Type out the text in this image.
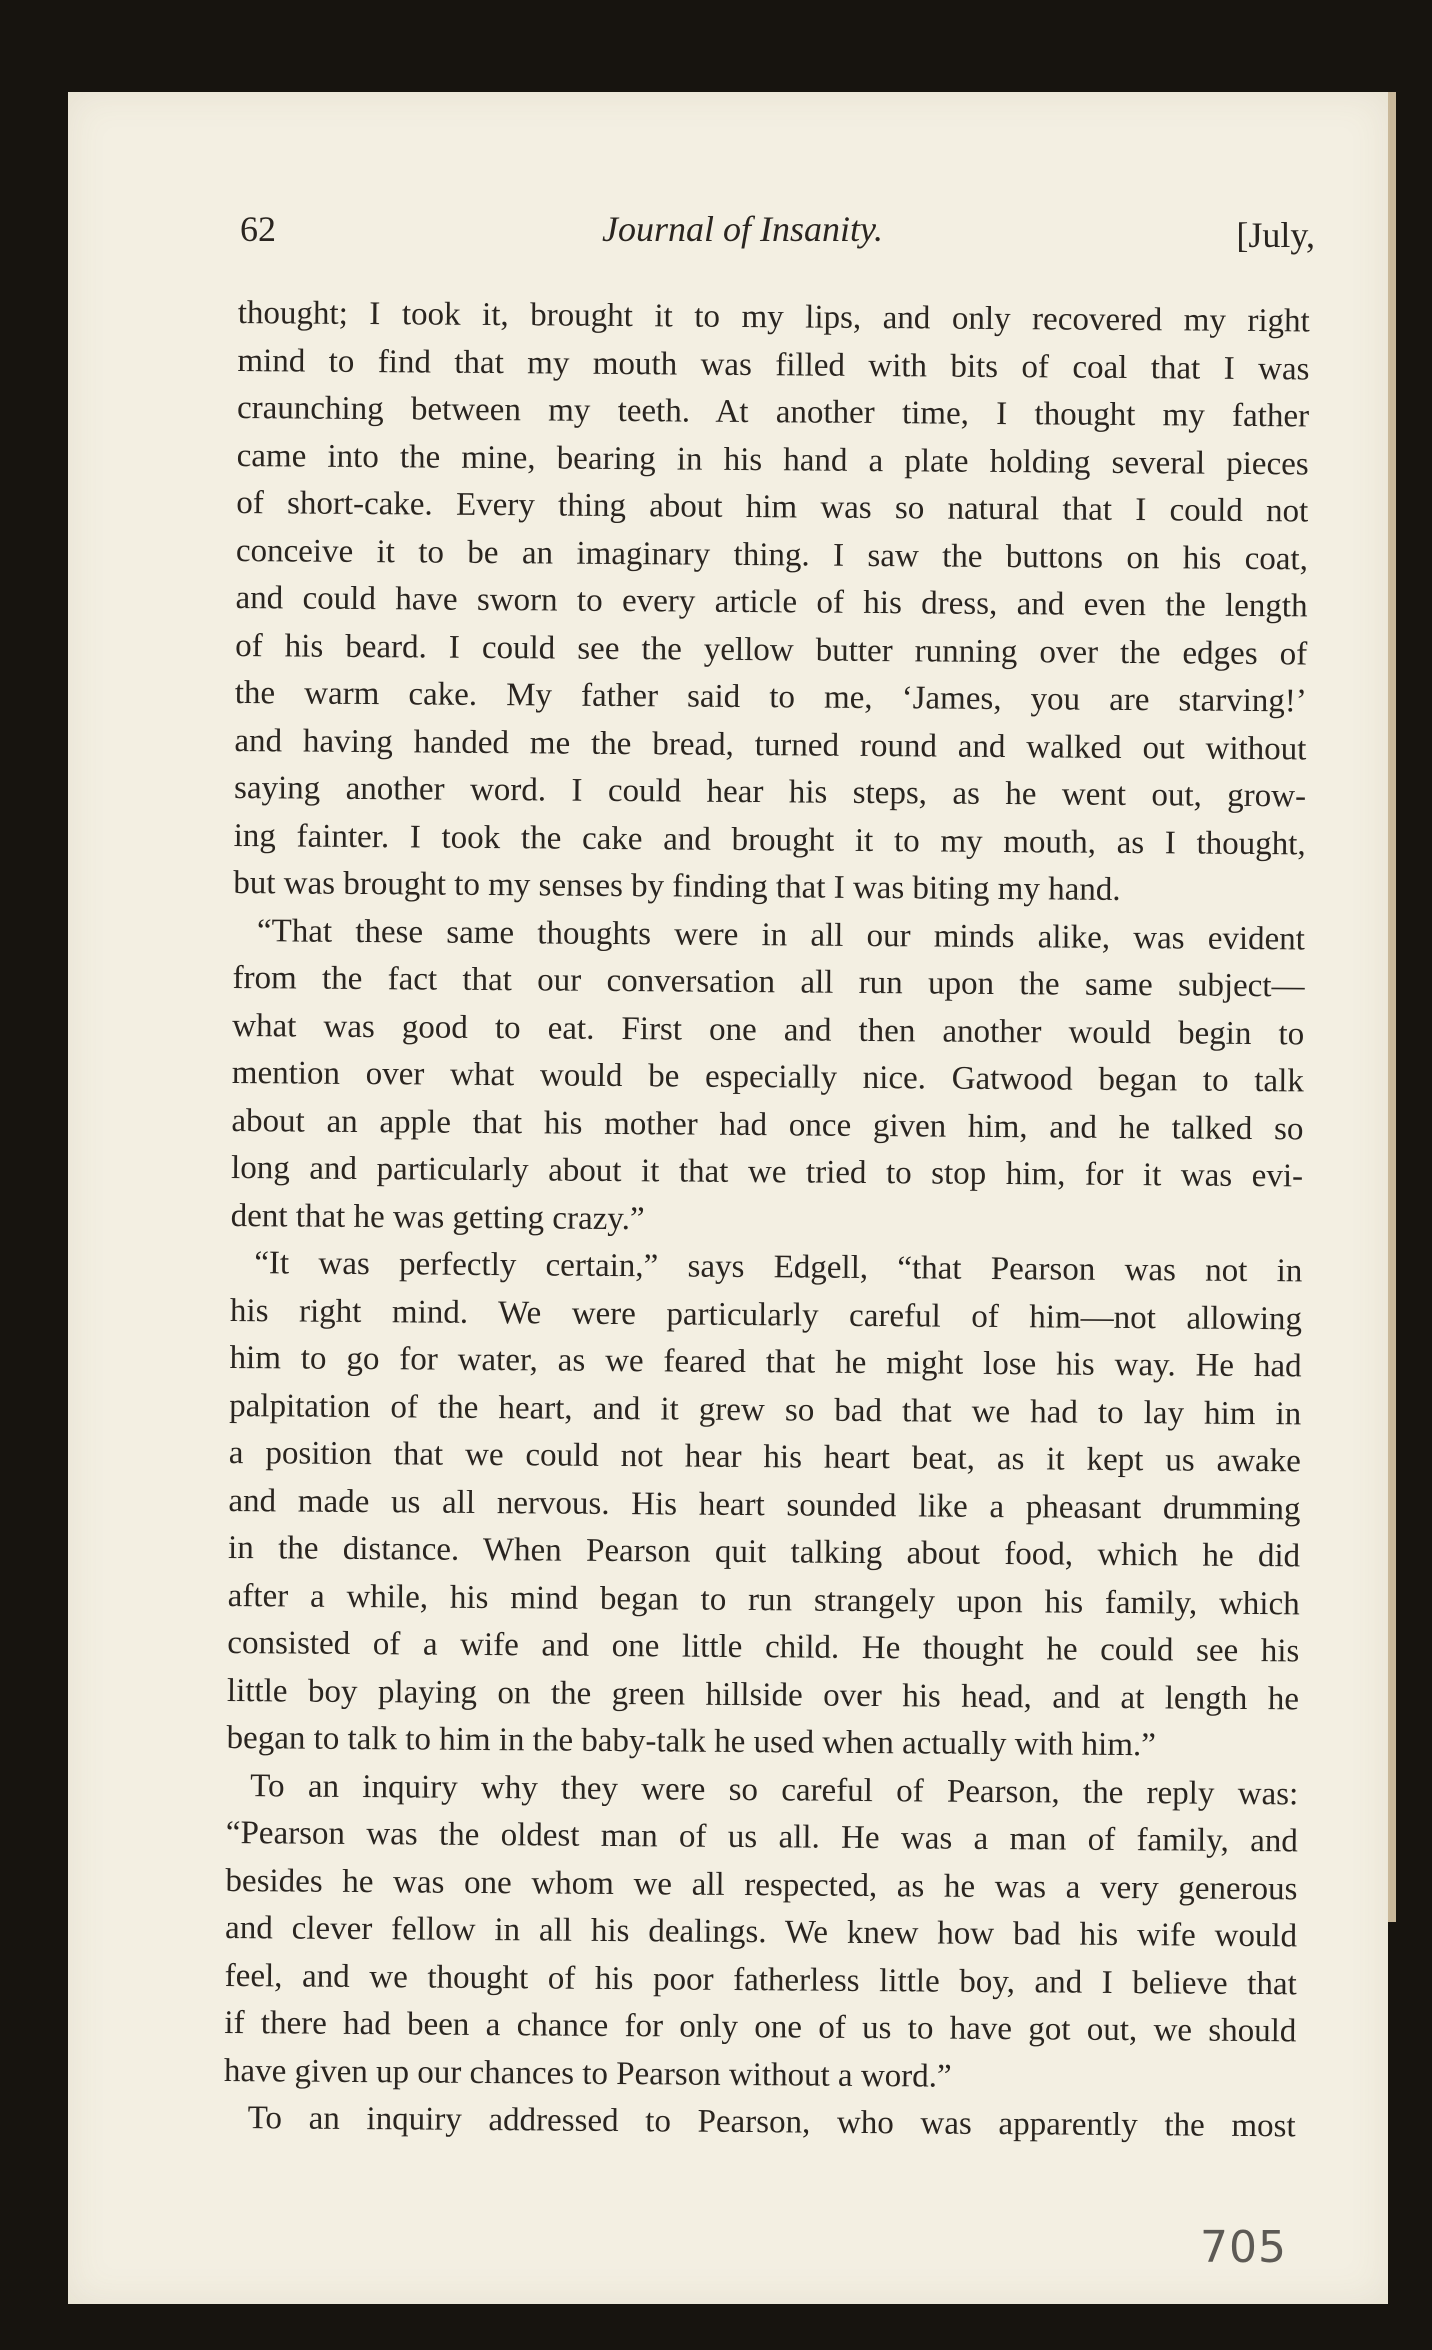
62	Journal of Insanity.	[July,
thought; I took it, brought it to my lips, and only recovered my right
mind to find that my mouth was filled with bits of coal that I was
craunching between my teeth. At another time, I thought my father
came into the mine, bearing in his hand a plate holding several pieces
of short-cake. Every thing about him was so natural that I could not
conceive it to be an imaginary thing. I saw the buttons on his coat,
and could have sworn to every article of his dress, and even the length
of his beard. I could see the yellow butter running over the edges of
the warm cake. My father said to me, ‘James, you are starving!’
and having handed me the bread, turned round and walked out without
saying another word. I could hear his steps, as he went out, grow-
ing fainter. I took the cake and brought it to my mouth, as I thought,
but was brought to my senses by finding that I was biting my hand.
“That these same thoughts were in all our minds alike, was evident
from the fact that our conversation all run upon the same subject—
what was good to eat. First one and then another would begin to
mention over what would be especially nice. Gatwood began to talk
about an apple that his mother had once given him, and he talked so
long and particularly about it that we tried to stop him, for it was evi-
dent that he was getting crazy.”
“It was perfectly certain,” says Edgell, “that Pearson was not in
his right mind. We were particularly careful of him—not allowing
him to go for water, as we feared that he might lose his way. He had
palpitation of the heart, and it grew so bad that we had to lay him in
a position that we could not hear his heart beat, as it kept us awake
and made us all nervous. His heart sounded like a pheasant drumming
in the distance. When Pearson quit talking about food, which he did
after a while, his mind began to run strangely upon his family, which
consisted of a wife and one little child. He thought he could see his
little boy playing on the green hillside over his head, and at length he
began to talk to him in the baby-talk he used when actually with him.”
To an inquiry why they were so careful of Pearson, the reply was:
“Pearson was the oldest man of us all. He was a man of family, and
besides he was one whom we all respected, as he was a very generous
and clever fellow in all his dealings. We knew how bad his wife would
feel, and we thought of his poor fatherless little boy, and I believe that
if there had been a chance for only one of us to have got out, we should
have given up our chances to Pearson without a word.”
To an inquiry addressed to Pearson, who was apparently the most
705
